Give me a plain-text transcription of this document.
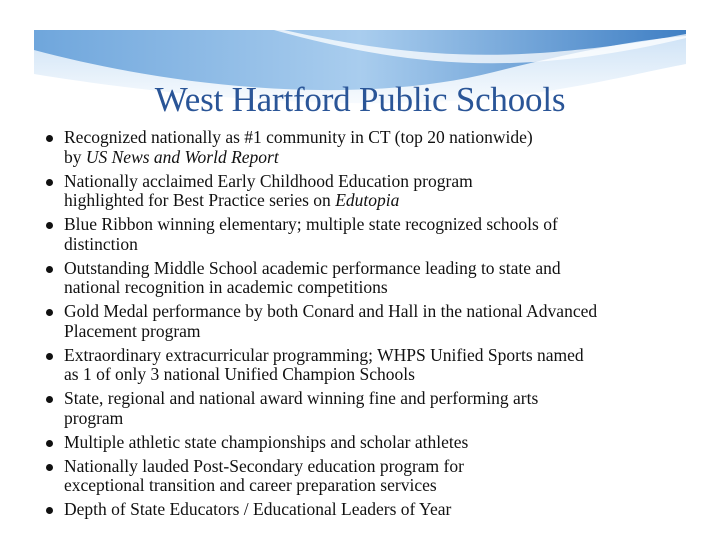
West Hartford Public Schools
Recognized nationally as #1 community in CT (top 20 nationwide)
by US News and World Report
Nationally acclaimed Early Childhood Education program
highlighted for Best Practice series on Edutopia
Blue Ribbon winning elementary; multiple state recognized schools of
distinction
Outstanding Middle School academic performance leading to state and
national recognition in academic competitions
Gold Medal performance by both Conard and Hall in the national Advanced
Placement program
Extraordinary extracurricular programming; WHPS Unified Sports named
as 1 of only 3 national Unified Champion Schools
State, regional and national award winning fine and performing arts
program
Multiple athletic state championships and scholar athletes
Nationally lauded Post-Secondary education program for
exceptional transition and career preparation services
Depth of State Educators / Educational Leaders of Year
